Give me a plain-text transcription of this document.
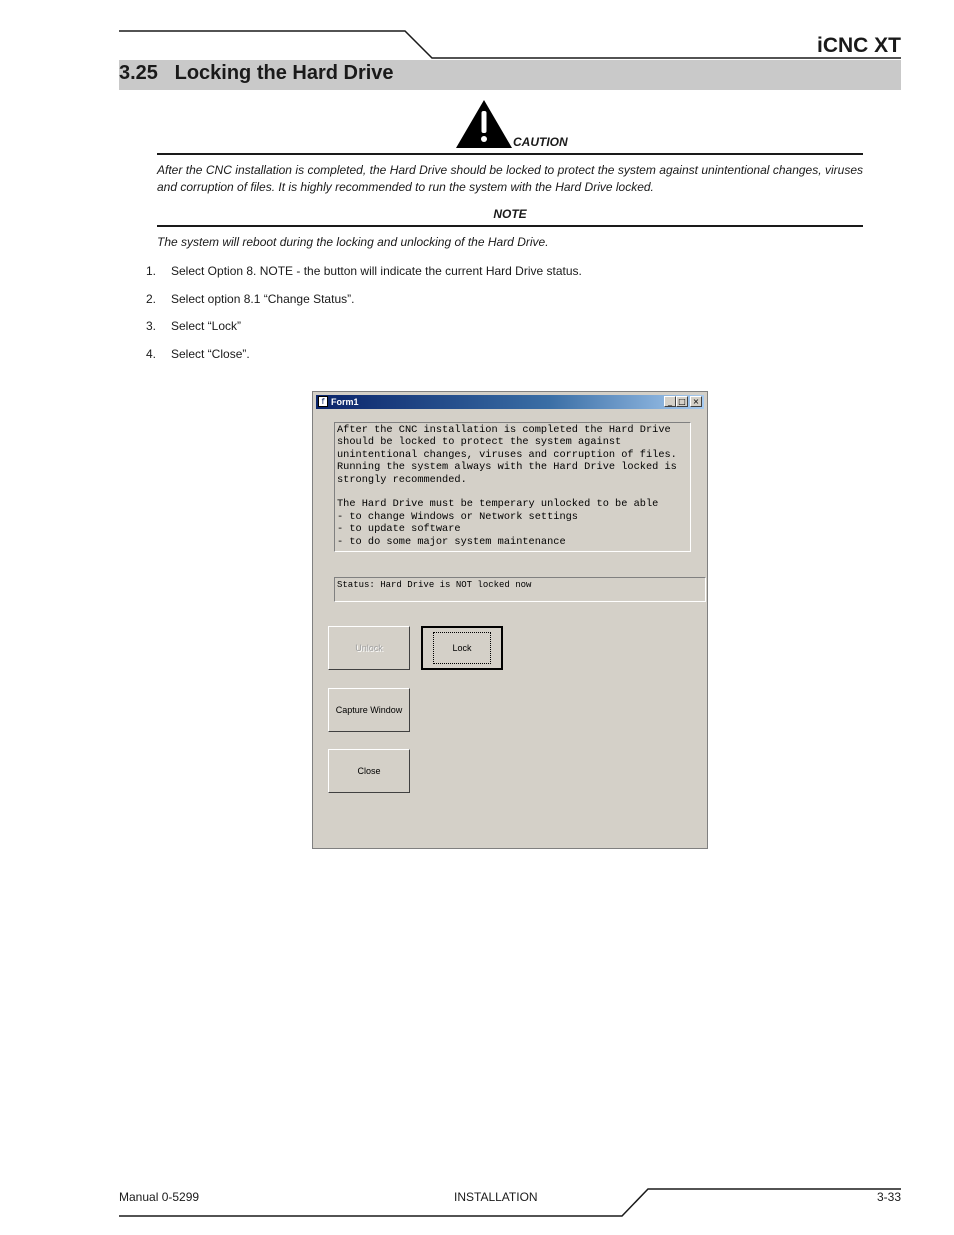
iCNC XT
3.25   Locking the Hard Drive
CAUTION
After the CNC installation is completed, the Hard Drive should be locked to protect the system against unintentional changes, viruses and corruption of files. It is highly recommended to run the system with the Hard Drive locked.
NOTE
The system will reboot during the locking and unlocking of the Hard Drive.
1. Select Option 8. NOTE - the button will indicate the current Hard Drive status.
2. Select option 8.1 “Change Status”.
3. Select “Lock”
4. Select “Close”.
f Form1	_ □ ×
After the CNC installation is completed the Hard Drive
should be locked to protect the system against
unintentional changes, viruses and corruption of files.
Running the system always with the Hard Drive locked is
strongly recommended.
The Hard Drive must be temperary unlocked to be able
- to change Windows or Network settings
- to update software
- to do some major system maintenance
Status: Hard Drive is NOT locked now
Unlock	Lock
Capture Window
Close
Manual 0-5299	INSTALLATION	3-33
